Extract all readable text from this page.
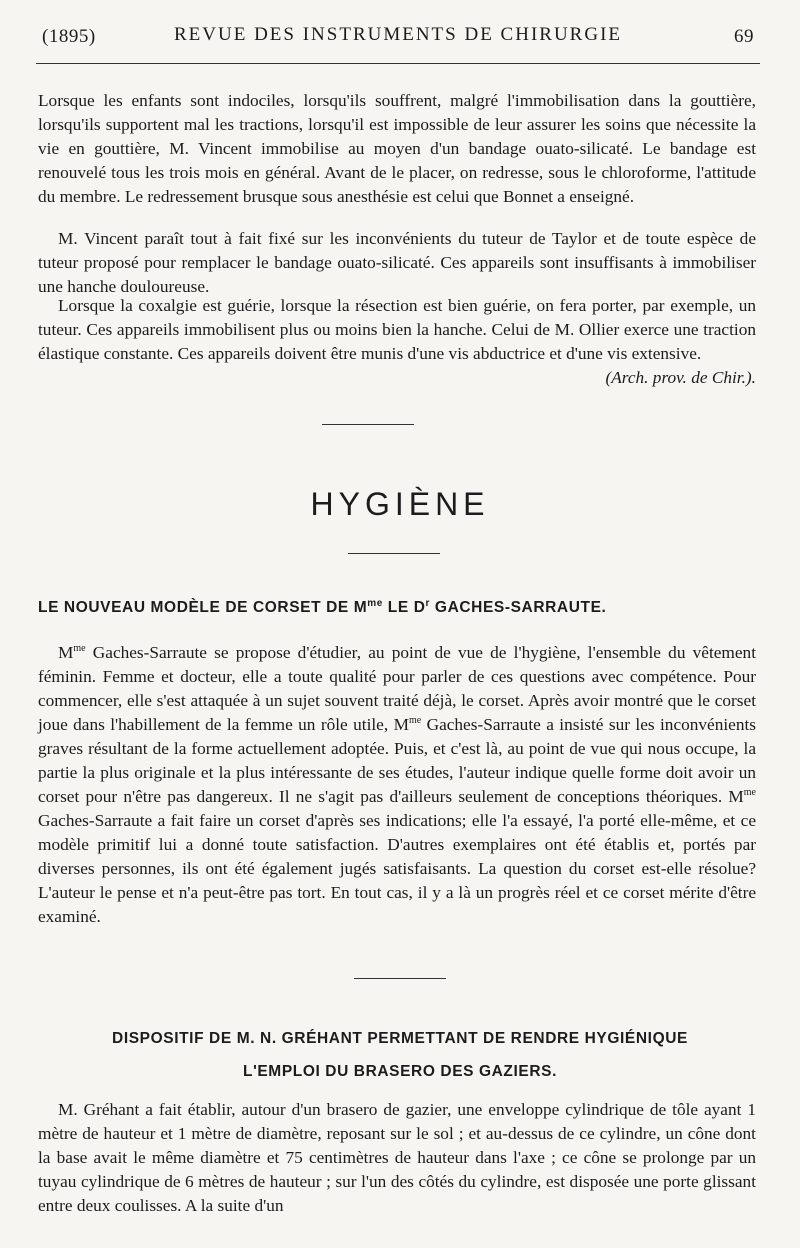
(1895)	REVUE DES INSTRUMENTS DE CHIRURGIE	69

Lorsque les enfants sont indociles, lorsqu'ils souffrent, malgré l'immobilisation dans la gouttière, lorsqu'ils supportent mal les tractions, lorsqu'il est impossible de leur assurer les soins que nécessite la vie en gouttière, M. Vincent immobilise au moyen d'un bandage ouato-silicaté. Le bandage est renouvelé tous les trois mois en général. Avant de le placer, on redresse, sous le chloroforme, l'attitude du membre. Le redressement brusque sous anesthésie est celui que Bonnet a enseigné.

M. Vincent paraît tout à fait fixé sur les inconvénients du tuteur de Taylor et de toute espèce de tuteur proposé pour remplacer le bandage ouato-silicaté. Ces appareils sont insuffisants à immobiliser une hanche douloureuse.

Lorsque la coxalgie est guérie, lorsque la résection est bien guérie, on fera porter, par exemple, un tuteur. Ces appareils immobilisent plus ou moins bien la hanche. Celui de M. Ollier exerce une traction élastique constante. Ces appareils doivent être munis d'une vis abductrice et d'une vis extensive.
(Arch. prov. de Chir.).

HYGIÈNE
LE NOUVEAU MODÈLE DE CORSET DE $M^{me}$ LE $D^r$ GACHES-SARRAUTE.

$M^{me}$ Gaches-Sarraute se propose d'étudier, au point de vue de l'hygiène, l'ensemble du vêtement féminin. Femme et docteur, elle a toute qualité pour parler de ces questions avec compétence. Pour commencer, elle s'est attaquée à un sujet souvent traité déjà, le corset. Après avoir montré que le corset joue dans l'habillement de la femme un rôle utile, $M^{me}$ Gaches-Sarraute a insisté sur les inconvénients graves résultant de la forme actuellement adoptée. Puis, et c'est là, au point de vue qui nous occupe, la partie la plus originale et la plus intéressante de ses études, l'auteur indique quelle forme doit avoir un corset pour n'être pas dangereux. Il ne s'agit pas d'ailleurs seulement de conceptions théoriques. $M^{me}$ Gaches-Sarraute a fait faire un corset d'après ses indications; elle l'a essayé, l'a porté elle-même, et ce modèle primitif lui a donné toute satisfaction. D'autres exemplaires ont été établis et, portés par diverses personnes, ils ont été également jugés satisfaisants. La question du corset est-elle résolue? L'auteur le pense et n'a peut-être pas tort. En tout cas, il y a là un progrès réel et ce corset mérite d'être examiné.

DISPOSITIF DE M. N. GRÉHANT PERMETTANT DE RENDRE HYGIÉNIQUE
L'EMPLOI DU BRASERO DES GAZIERS.

M. Gréhant a fait établir, autour d'un brasero de gazier, une enveloppe cylindrique de tôle ayant 1 mètre de hauteur et 1 mètre de diamètre, reposant sur le sol ; et au-dessus de ce cylindre, un cône dont la base avait le même diamètre et 75 centimètres de hauteur dans l'axe ; ce cône se prolonge par un tuyau cylindrique de 6 mètres de hauteur ; sur l'un des côtés du cylindre, est disposée une porte glissant entre deux coulisses. A la suite d'un
